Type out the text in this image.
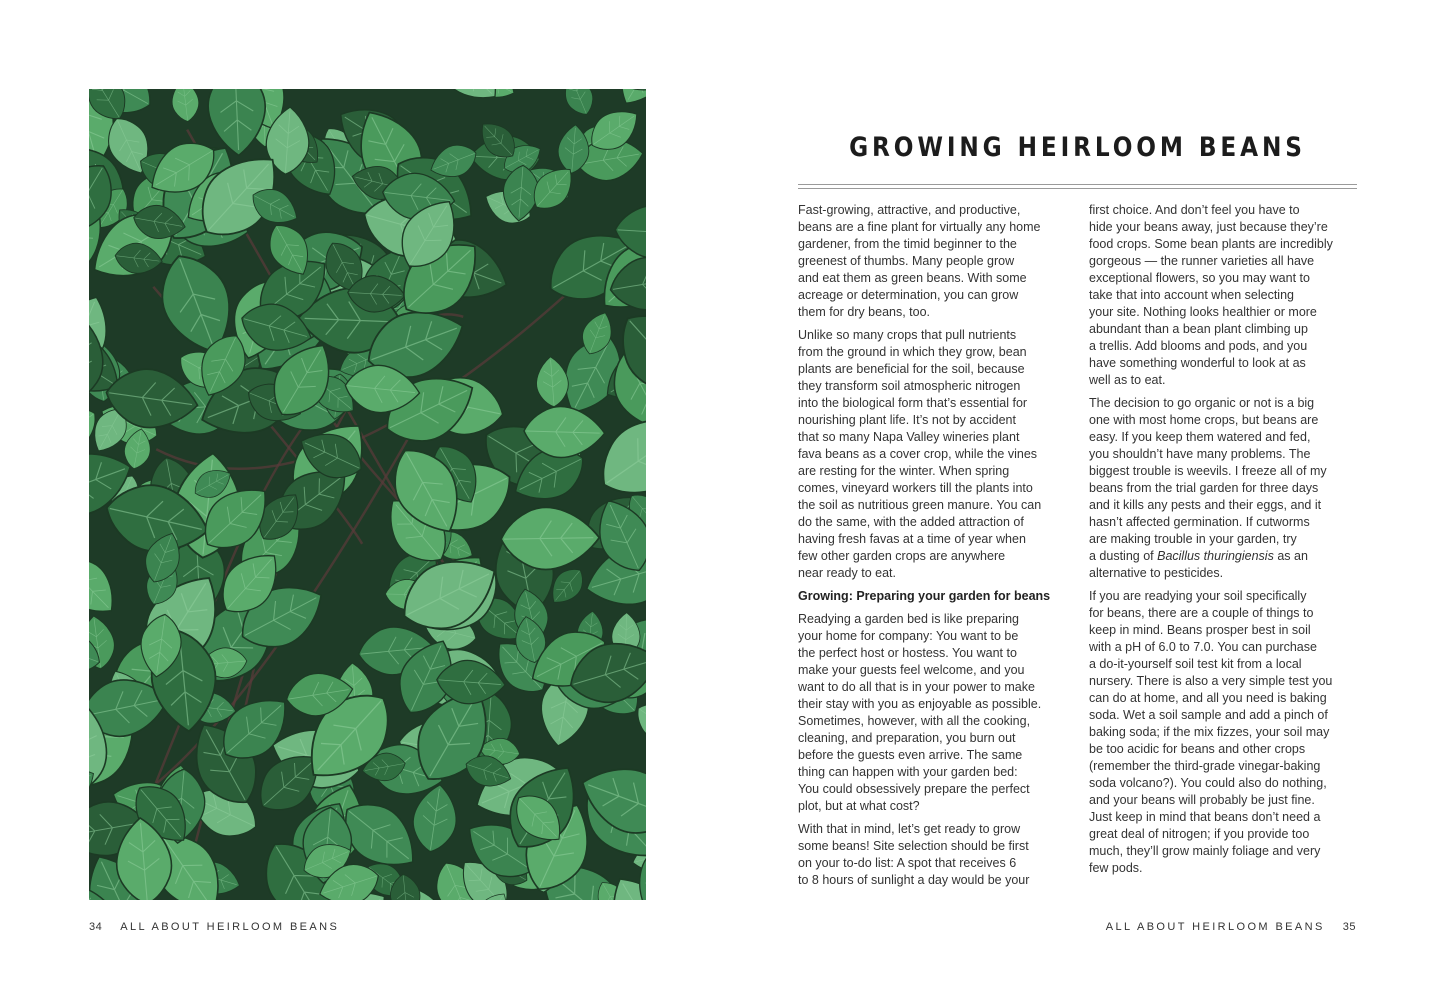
34 ALL ABOUT HEIRLOOM BEANS	ALL ABOUT HEIRLOOM BEANS 35
GROWING HEIRLOOM BEANS

Fast-growing, attractive, and productive,
beans are a fine plant for virtually any home
gardener, from the timid beginner to the
greenest of thumbs. Many people grow
and eat them as green beans. With some
acreage or determination, you can grow
them for dry beans, too.

Unlike so many crops that pull nutrients
from the ground in which they grow, bean
plants are beneficial for the soil, because
they transform soil atmospheric nitrogen
into the biological form that’s essential for
nourishing plant life. It’s not by accident
that so many Napa Valley wineries plant
fava beans as a cover crop, while the vines
are resting for the winter. When spring
comes, vineyard workers till the plants into
the soil as nutritious green manure. You can
do the same, with the added attraction of
having fresh favas at a time of year when
few other garden crops are anywhere
near ready to eat.

Growing: Preparing your garden for beans

Readying a garden bed is like preparing
your home for company: You want to be
the perfect host or hostess. You want to
make your guests feel welcome, and you
want to do all that is in your power to make
their stay with you as enjoyable as possible.
Sometimes, however, with all the cooking,
cleaning, and preparation, you burn out
before the guests even arrive. The same
thing can happen with your garden bed:
You could obsessively prepare the perfect
plot, but at what cost?

With that in mind, let’s get ready to grow
some beans! Site selection should be first
on your to-do list: A spot that receives 6
to 8 hours of sunlight a day would be your

first choice. And don’t feel you have to
hide your beans away, just because they’re
food crops. Some bean plants are incredibly
gorgeous — the runner varieties all have
exceptional flowers, so you may want to
take that into account when selecting
your site. Nothing looks healthier or more
abundant than a bean plant climbing up
a trellis. Add blooms and pods, and you
have something wonderful to look at as
well as to eat.

The decision to go organic or not is a big
one with most home crops, but beans are
easy. If you keep them watered and fed,
you shouldn’t have many problems. The
biggest trouble is weevils. I freeze all of my
beans from the trial garden for three days
and it kills any pests and their eggs, and it
hasn’t affected germination. If cutworms
are making trouble in your garden, try
a dusting of Bacillus thuringiensis as an
alternative to pesticides.

If you are readying your soil specifically
for beans, there are a couple of things to
keep in mind. Beans prosper best in soil
with a pH of 6.0 to 7.0. You can purchase
a do-it-yourself soil test kit from a local
nursery. There is also a very simple test you
can do at home, and all you need is baking
soda. Wet a soil sample and add a pinch of
baking soda; if the mix fizzes, your soil may
be too acidic for beans and other crops
(remember the third-grade vinegar-baking
soda volcano?). You could also do nothing,
and your beans will probably be just fine.
Just keep in mind that beans don’t need a
great deal of nitrogen; if you provide too
much, they’ll grow mainly foliage and very
few pods.
